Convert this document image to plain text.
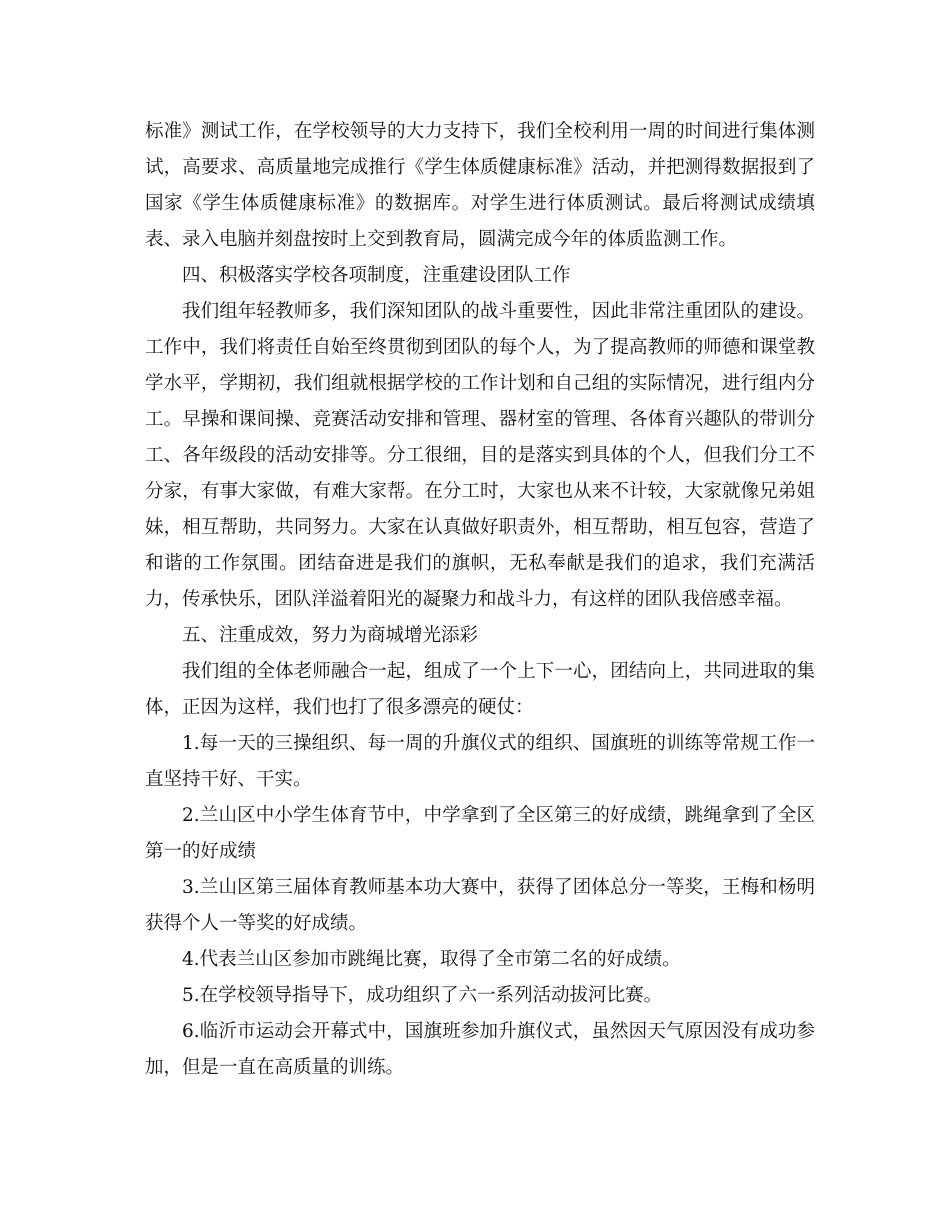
标准》测试工作，在学校领导的大力支持下，我们全校利用一周的时间进行集体测试，高要求、高质量地完成推行《学生体质健康标准》活动，并把测得数据报到了国家《学生体质健康标准》的数据库。对学生进行体质测试。最后将测试成绩填表、录入电脑并刻盘按时上交到教育局，圆满完成今年的体质监测工作。

四、积极落实学校各项制度，注重建设团队工作

我们组年轻教师多，我们深知团队的战斗重要性，因此非常注重团队的建设。工作中，我们将责任自始至终贯彻到团队的每个人，为了提高教师的师德和课堂教学水平，学期初，我们组就根据学校的工作计划和自己组的实际情况，进行组内分工。早操和课间操、竞赛活动安排和管理、器材室的管理、各体育兴趣队的带训分工、各年级段的活动安排等。分工很细，目的是落实到具体的个人，但我们分工不分家，有事大家做，有难大家帮。在分工时，大家也从来不计较，大家就像兄弟姐妹，相互帮助，共同努力。大家在认真做好职责外，相互帮助，相互包容，营造了和谐的工作氛围。团结奋进是我们的旗帜，无私奉献是我们的追求，我们充满活力，传承快乐，团队洋溢着阳光的凝聚力和战斗力，有这样的团队我倍感幸福。

五、注重成效，努力为商城增光添彩

我们组的全体老师融合一起，组成了一个上下一心，团结向上，共同进取的集体，正因为这样，我们也打了很多漂亮的硬仗：

1.每一天的三操组织、每一周的升旗仪式的组织、国旗班的训练等常规工作一直坚持干好、干实。

2.兰山区中小学生体育节中，中学拿到了全区第三的好成绩，跳绳拿到了全区第一的好成绩

3.兰山区第三届体育教师基本功大赛中，获得了团体总分一等奖，王梅和杨明获得个人一等奖的好成绩。

4.代表兰山区参加市跳绳比赛，取得了全市第二名的好成绩。

5.在学校领导指导下，成功组织了六一系列活动拔河比赛。

6.临沂市运动会开幕式中，国旗班参加升旗仪式，虽然因天气原因没有成功参加，但是一直在高质量的训练。
